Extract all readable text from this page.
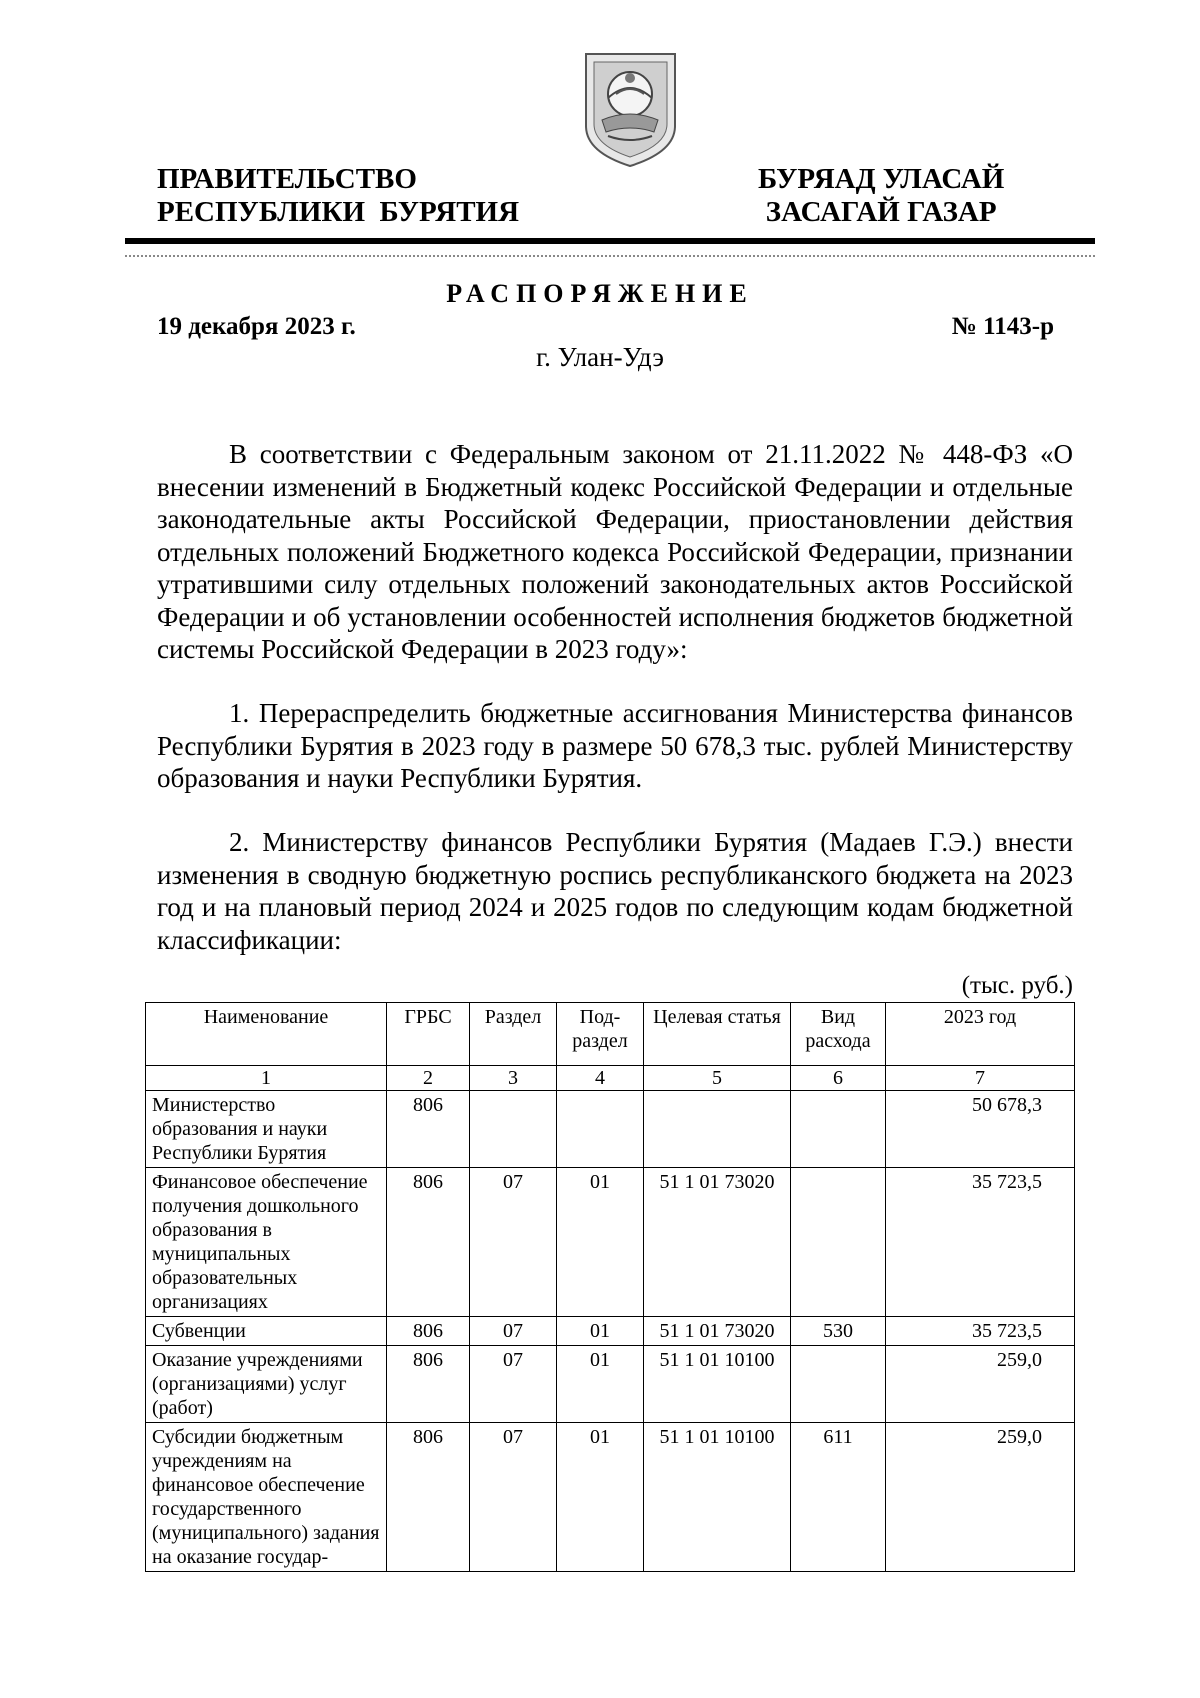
ПРАВИТЕЛЬСТВО
РЕСПУБЛИКИ  БУРЯТИЯ
БУРЯАД УЛАСАЙ
ЗАСАГАЙ ГАЗАР
РАСПОРЯЖЕНИЕ
19 декабря 2023 г.	№ 1143-р
г. Улан-Удэ

В соответствии с Федеральным законом от 21.11.2022 № 448-ФЗ «О внесении изменений в Бюджетный кодекс Российской Федерации и отдельные законодательные акты Российской Федерации, приостановлении действия отдельных положений Бюджетного кодекса Российской Федерации, признании утратившими силу отдельных положений законодательных актов Российской Федерации и об установлении особенностей исполнения бюджетов бюджетной системы Российской Федерации в 2023 году»:

1. Перераспределить бюджетные ассигнования Министерства финансов Республики Бурятия в 2023 году в размере 50 678,3 тыс. рублей Министерству образования и науки Республики Бурятия.

2. Министерству финансов Республики Бурятия (Мадаев Г.Э.) внести изменения в сводную бюджетную роспись республиканского бюджета на 2023 год и на плановый период 2024 и 2025 годов по следующим кодам бюджетной классификации:

(тыс. руб.)
Наименование	ГРБС	Раздел	Под-раздел	Целевая статья	Вид расхода	2023 год
1	2	3	4	5	6	7
Министерство образования и науки Республики Бурятия	806					50 678,3
Финансовое обеспечение получения дошкольного образования в муниципальных образовательных организациях	806	07	01	51 1 01 73020		35 723,5
Субвенции	806	07	01	51 1 01 73020	530	35 723,5
Оказание учреждениями (организациями) услуг (работ)	806	07	01	51 1 01 10100		259,0
Субсидии бюджетным учреждениям на финансовое обеспечение государственного (муниципального) задания на оказание государ-	806	07	01	51 1 01 10100	611	259,0
